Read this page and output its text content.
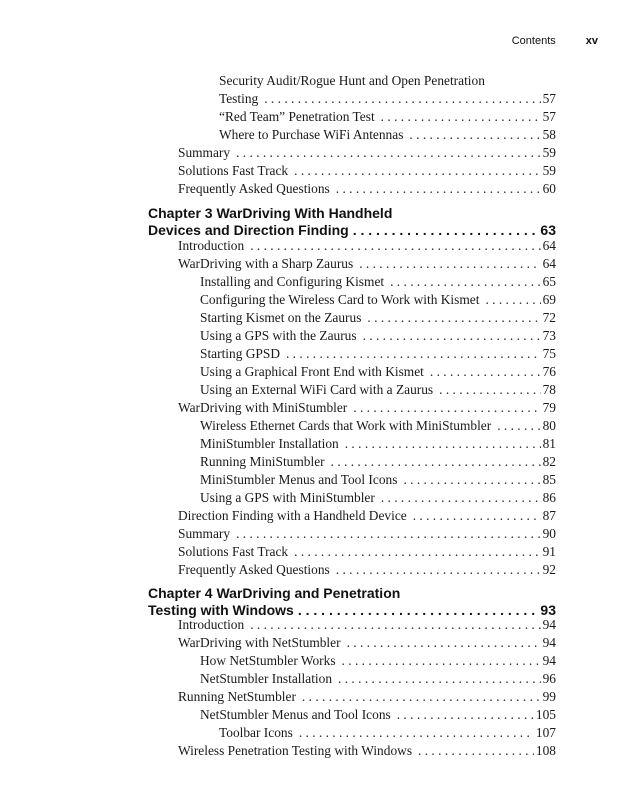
Contents	xv
Security Audit/Rogue Hunt and Open Penetration
Testing . . .	57
“Red Team” Penetration Test . . .	57
Where to Purchase WiFi Antennas . . .	58
Summary . . .	59
Solutions Fast Track . . .	59
Frequently Asked Questions . . .	60
Chapter 3 WarDriving With Handheld
Devices and Direction Finding . . .	63
Introduction . . .	64
WarDriving with a Sharp Zaurus . . .	64
Installing and Configuring Kismet . . .	65
Configuring the Wireless Card to Work with Kismet . . .	69
Starting Kismet on the Zaurus . . .	72
Using a GPS with the Zaurus . . .	73
Starting GPSD . . .	75
Using a Graphical Front End with Kismet . . .	76
Using an External WiFi Card with a Zaurus . . .	78
WarDriving with MiniStumbler . . .	79
Wireless Ethernet Cards that Work with MiniStumbler . . .	80
MiniStumbler Installation . . .	81
Running MiniStumbler . . .	82
MiniStumbler Menus and Tool Icons . . .	85
Using a GPS with MiniStumbler . . .	86
Direction Finding with a Handheld Device . . .	87
Summary . . .	90
Solutions Fast Track . . .	91
Frequently Asked Questions . . .	92
Chapter 4 WarDriving and Penetration
Testing with Windows . . .	93
Introduction . . .	94
WarDriving with NetStumbler . . .	94
How NetStumbler Works . . .	94
NetStumbler Installation . . .	96
Running NetStumbler . . .	99
NetStumbler Menus and Tool Icons . . .	105
Toolbar Icons . . .	107
Wireless Penetration Testing with Windows . . .	108
